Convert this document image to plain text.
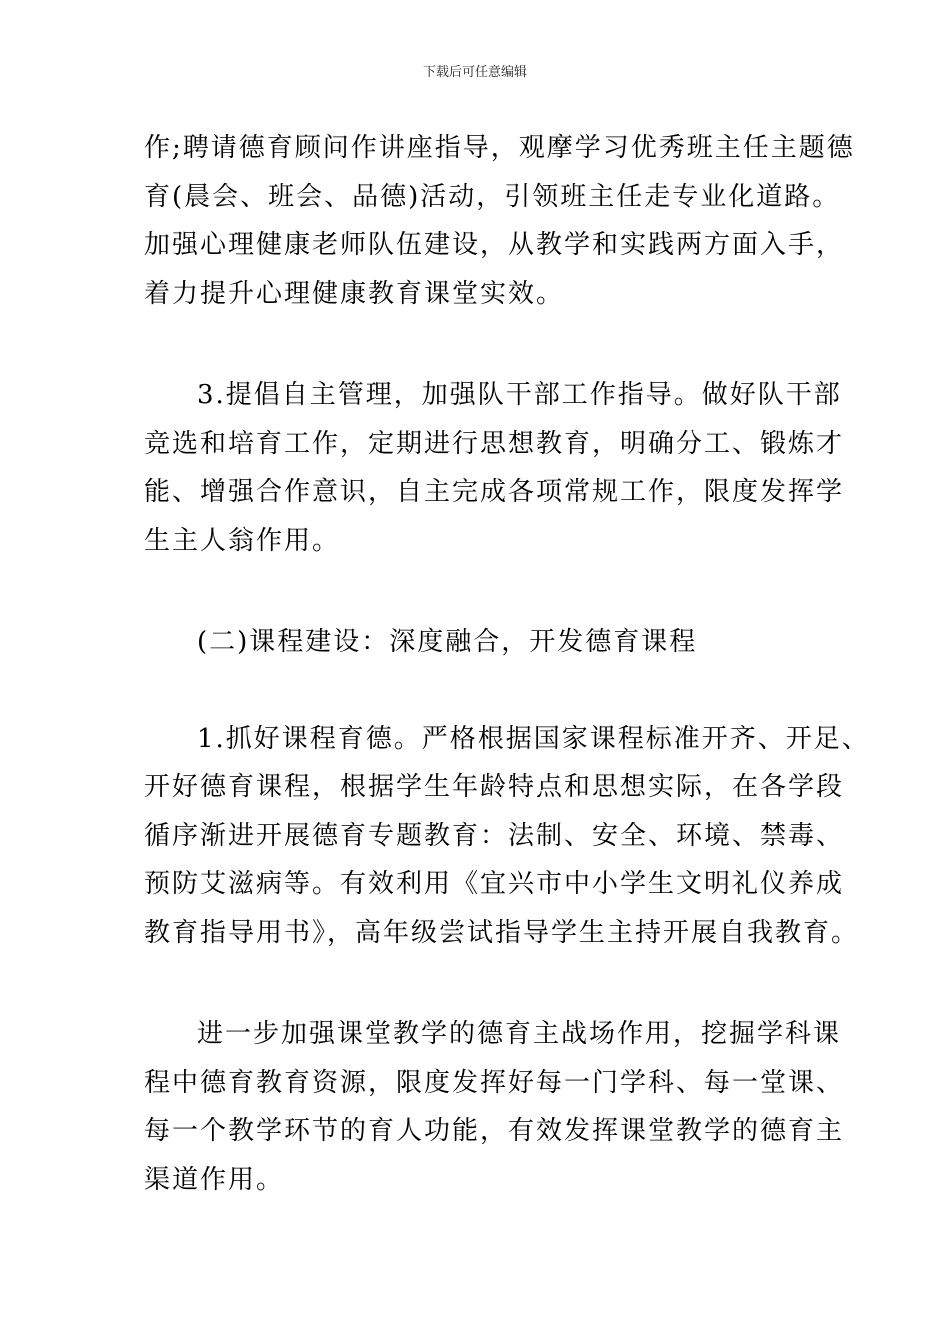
下载后可任意编辑
作;聘请德育顾问作讲座指导，观摩学习优秀班主任主题德
育(晨会、班会、品德)活动，引领班主任走专业化道路。
加强心理健康老师队伍建设，从教学和实践两方面入手，
着力提升心理健康教育课堂实效。
3.提倡自主管理，加强队干部工作指导。做好队干部
竞选和培育工作，定期进行思想教育，明确分工、锻炼才
能、增强合作意识，自主完成各项常规工作，限度发挥学
生主人翁作用。
(二)课程建设：深度融合，开发德育课程
1.抓好课程育德。严格根据国家课程标准开齐、开足、
开好德育课程，根据学生年龄特点和思想实际，在各学段
循序渐进开展德育专题教育：法制、安全、环境、禁毒、
预防艾滋病等。有效利用《宜兴市中小学生文明礼仪养成
教育指导用书》，高年级尝试指导学生主持开展自我教育。
进一步加强课堂教学的德育主战场作用，挖掘学科课
程中德育教育资源，限度发挥好每一门学科、每一堂课、
每一个教学环节的育人功能，有效发挥课堂教学的德育主
渠道作用。
